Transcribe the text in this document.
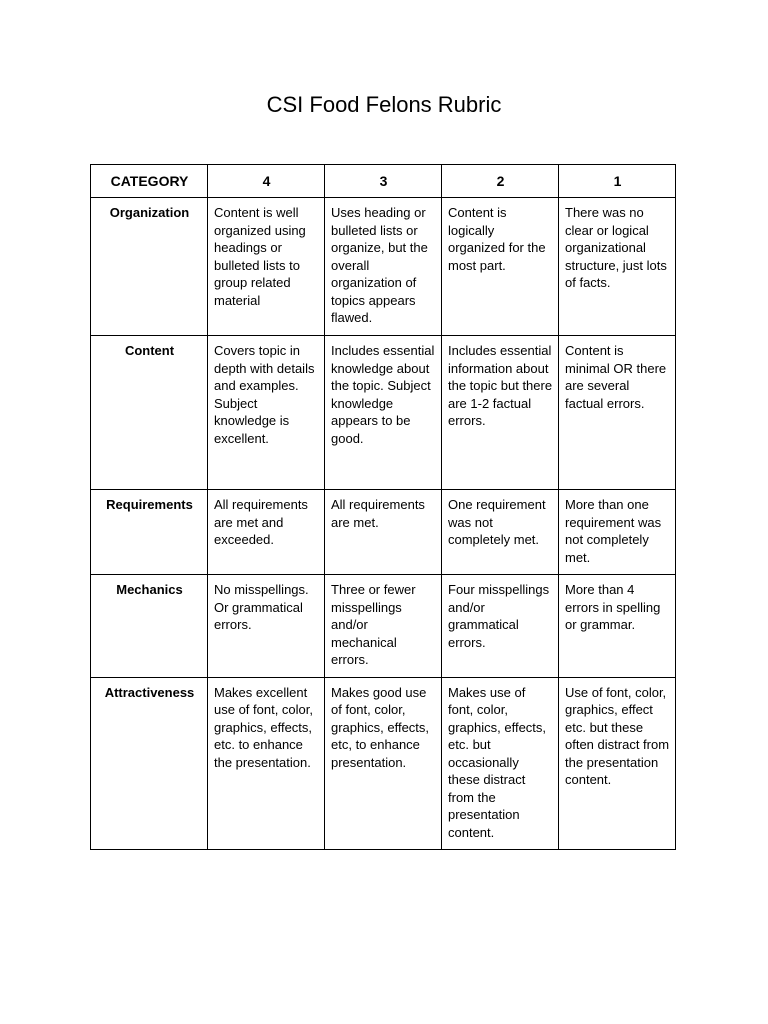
CSI Food Felons Rubric
CATEGORY	4	3	2	1
Organization	Content is well organized using headings or bulleted lists to group related material	Uses heading or bulleted lists or organize, but the overall organization of topics appears flawed.	Content is logically organized for the most part.	There was no clear or logical organizational structure, just lots of facts.
Content	Covers topic in depth with details and examples. Subject knowledge is excellent.	Includes essential knowledge about the topic. Subject knowledge appears to be good.	Includes essential information about the topic but there are 1-2 factual errors.	Content is minimal OR there are several factual errors.
Requirements	All requirements are met and exceeded.	All requirements are met.	One requirement was not completely met.	More than one requirement was not completely met.
Mechanics	No misspellings. Or grammatical errors.	Three or fewer misspellings and/or mechanical errors.	Four misspellings and/or grammatical errors.	More than 4 errors in spelling or grammar.
Attractiveness	Makes excellent use of font, color, graphics, effects, etc. to enhance the presentation.	Makes good use of font, color, graphics, effects, etc, to enhance presentation.	Makes use of font, color, graphics, effects, etc. but occasionally these distract from the presentation content.	Use of font, color, graphics, effect etc. but these often distract from the presentation content.
